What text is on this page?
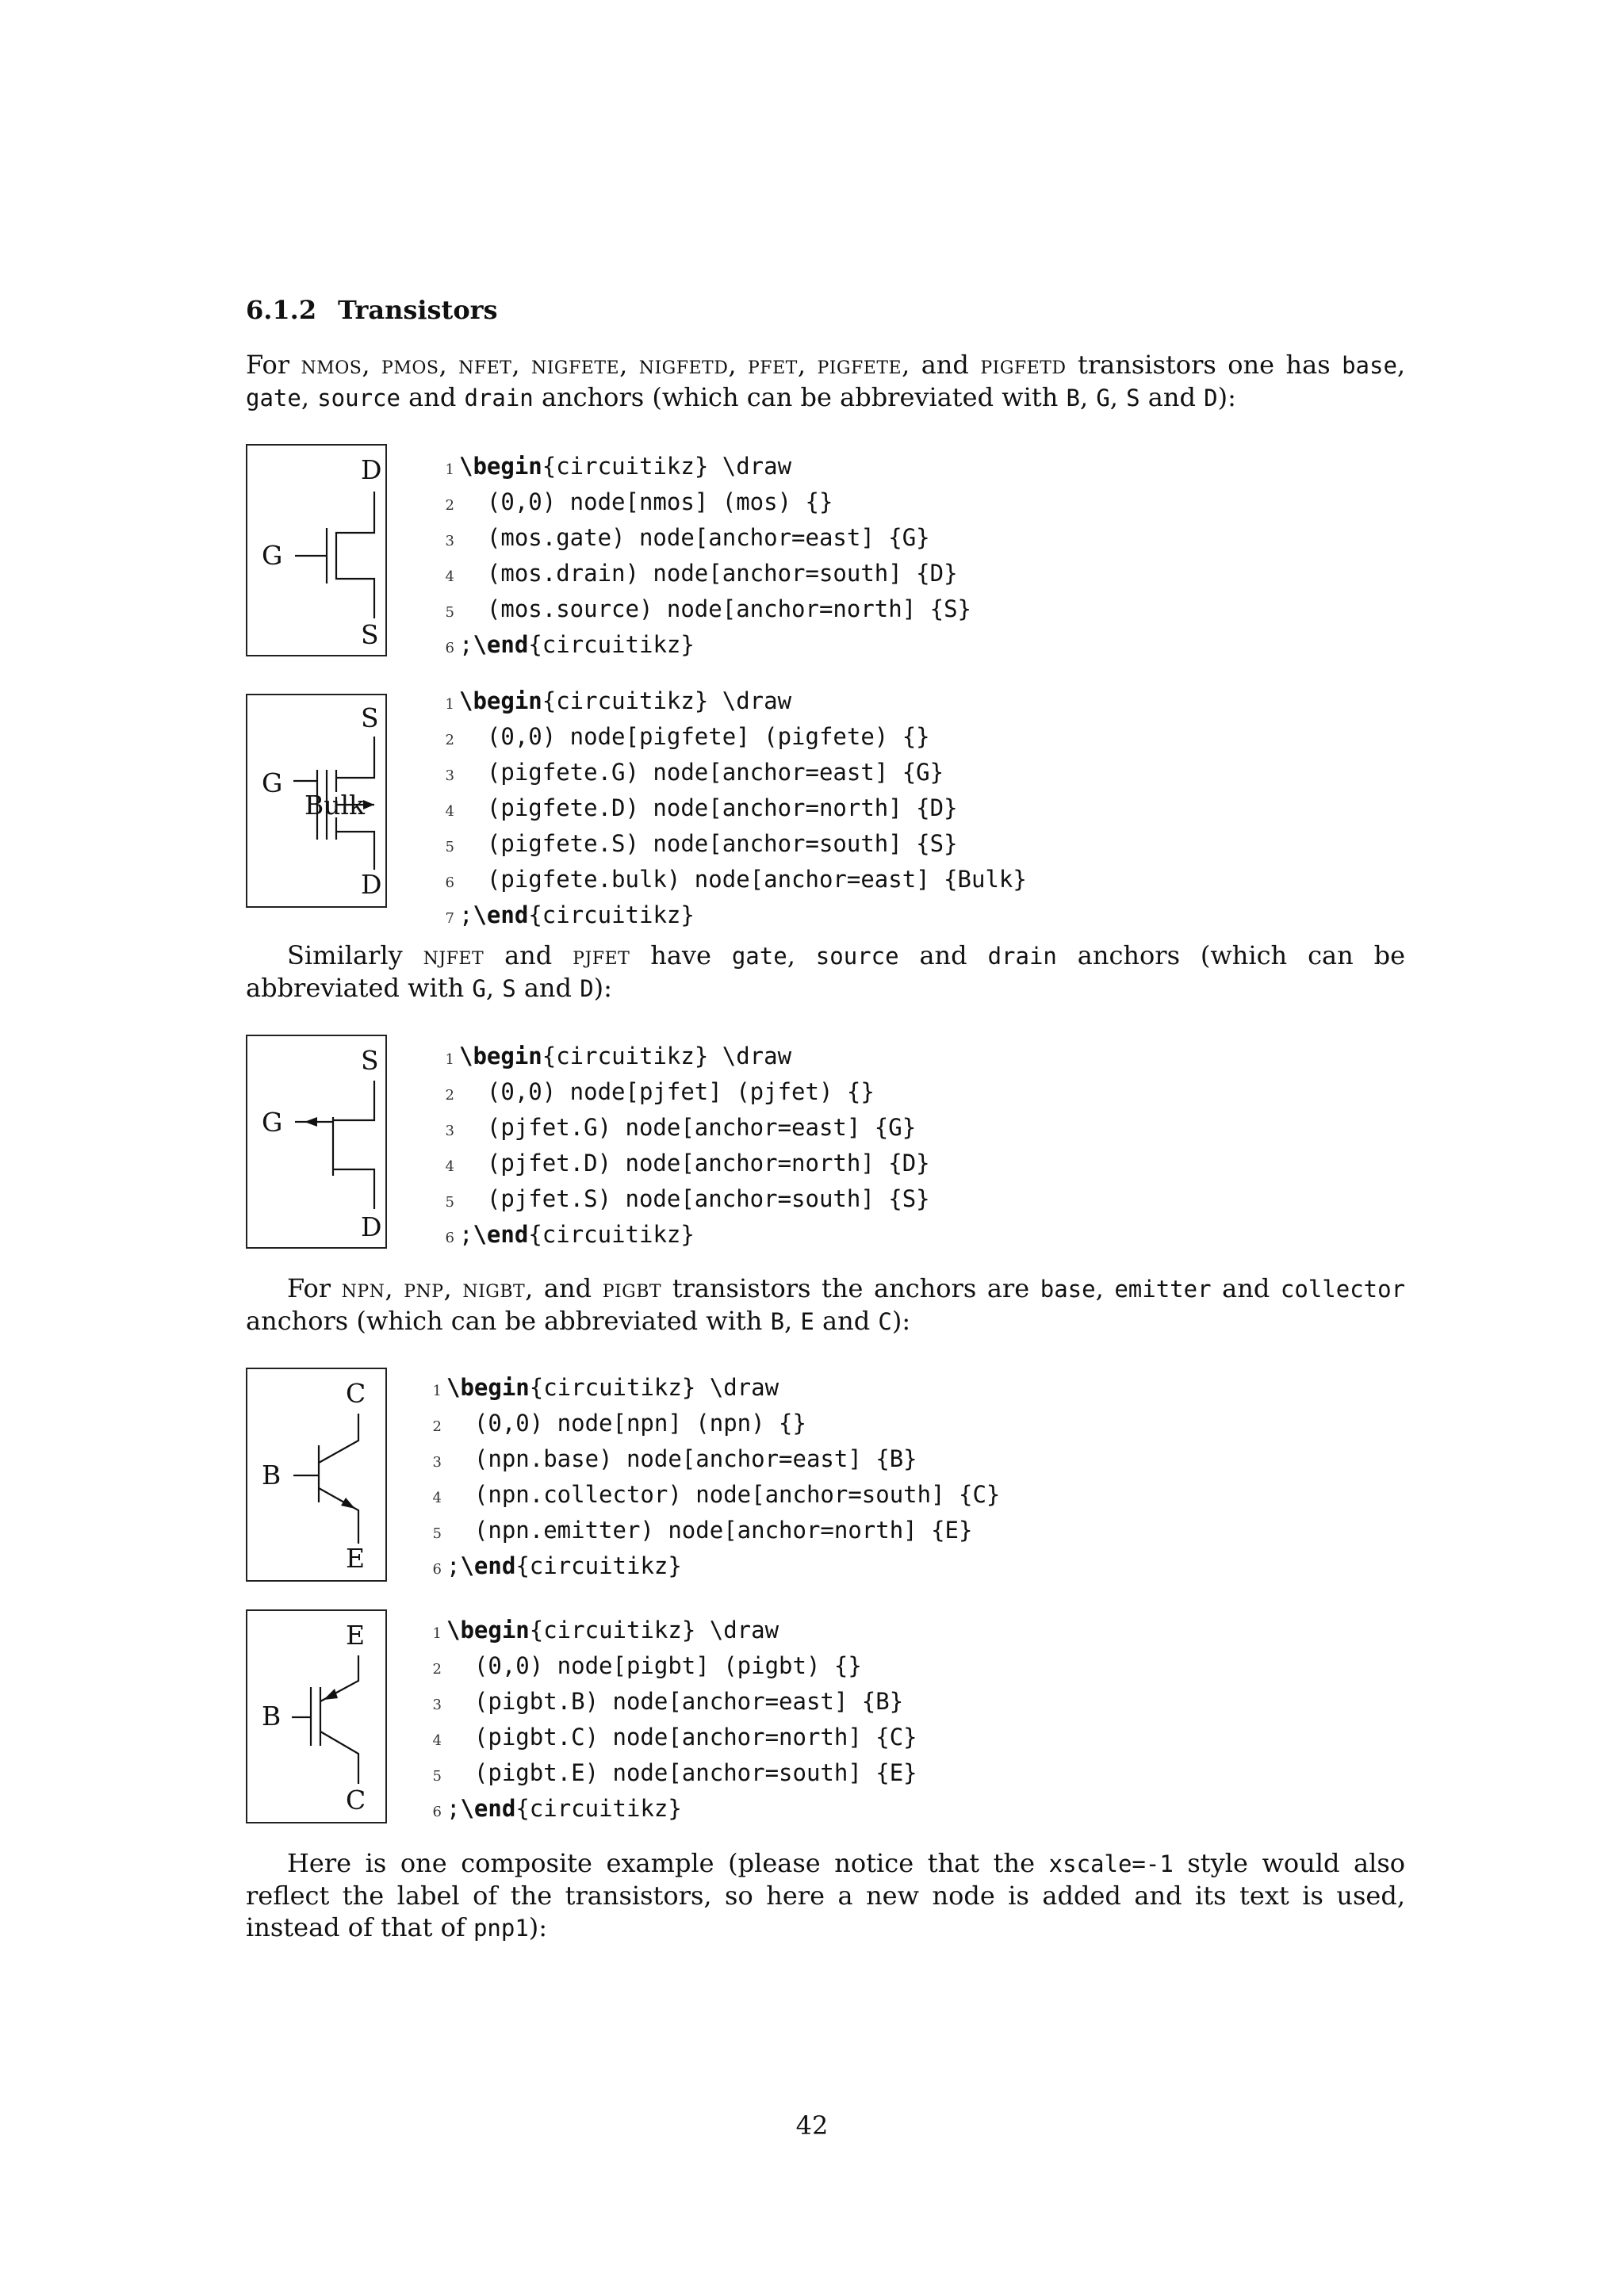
6.1.2 Transistors

For nmos, pmos, nfet, nigfete, nigfetd, pfet, pigfete, and pigfetd transistors one has base, gate, source and drain anchors (which can be abbreviated with B, G, S and D):

D
G
S
1 \begin{circuitikz} \draw
2  (0,0) node[nmos] (mos) {}
3  (mos.gate) node[anchor=east] {G}
4  (mos.drain) node[anchor=south] {D}
5  (mos.source) node[anchor=north] {S}
6 ;\end{circuitikz}
S
G
Bulk
D
1 \begin{circuitikz} \draw
2  (0,0) node[pigfete] (pigfete) {}
3  (pigfete.G) node[anchor=east] {G}
4  (pigfete.D) node[anchor=north] {D}
5  (pigfete.S) node[anchor=south] {S}
6  (pigfete.bulk) node[anchor=east] {Bulk}
7 ;\end{circuitikz}

Similarly njfet and pjfet have gate, source and drain anchors (which can be abbreviated with G, S and D):

S
G
D
1 \begin{circuitikz} \draw
2  (0,0) node[pjfet] (pjfet) {}
3  (pjfet.G) node[anchor=east] {G}
4  (pjfet.D) node[anchor=north] {D}
5  (pjfet.S) node[anchor=south] {S}
6 ;\end{circuitikz}

For npn, pnp, nigbt, and pigbt transistors the anchors are base, emitter and collector anchors (which can be abbreviated with B, E and C):

C
B
E
1 \begin{circuitikz} \draw
2  (0,0) node[npn] (npn) {}
3  (npn.base) node[anchor=east] {B}
4  (npn.collector) node[anchor=south] {C}
5  (npn.emitter) node[anchor=north] {E}
6 ;\end{circuitikz}
E
B
C
1 \begin{circuitikz} \draw
2  (0,0) node[pigbt] (pigbt) {}
3  (pigbt.B) node[anchor=east] {B}
4  (pigbt.C) node[anchor=north] {C}
5  (pigbt.E) node[anchor=south] {E}
6 ;\end{circuitikz}

Here is one composite example (please notice that the xscale=-1 style would also reflect the label of the transistors, so here a new node is added and its text is used, instead of that of pnp1):

42
